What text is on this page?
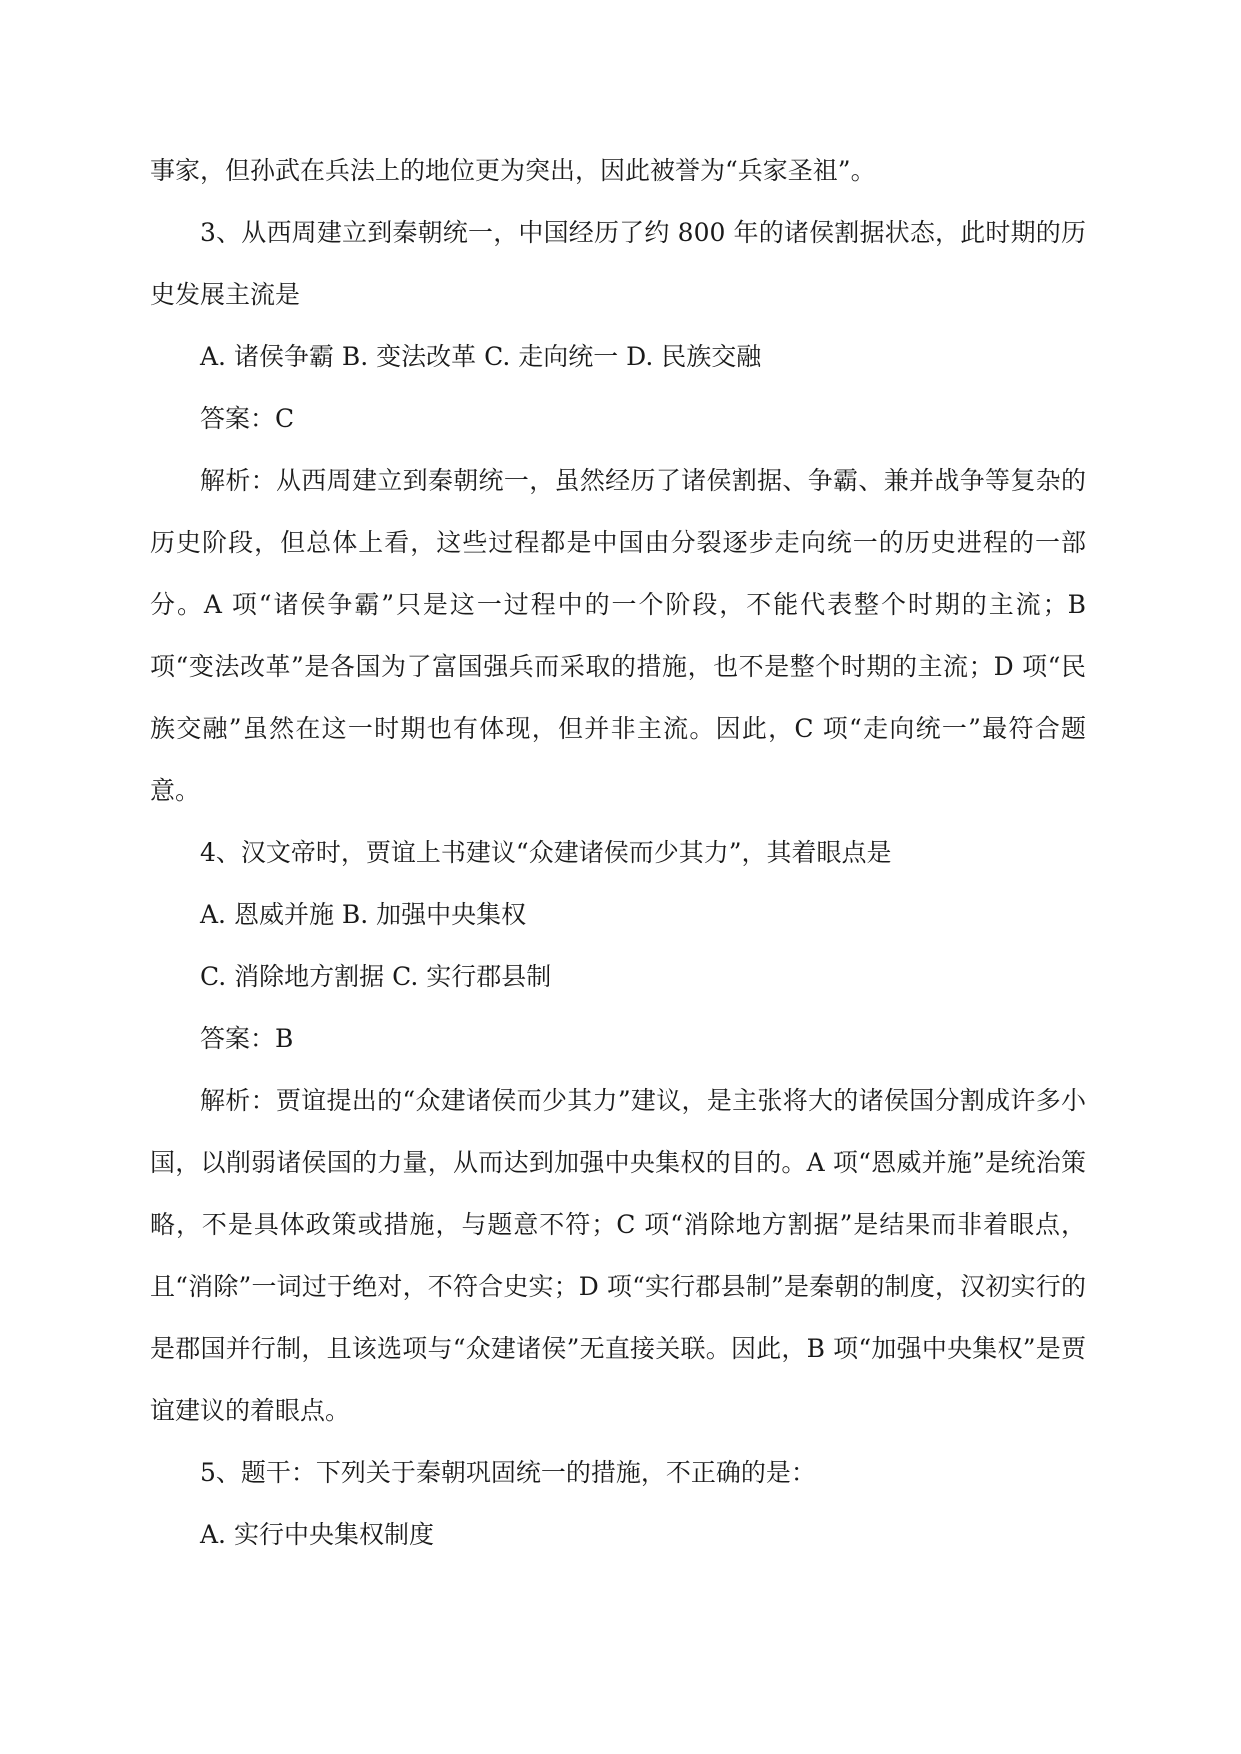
事家，但孙武在兵法上的地位更为突出，因此被誉为“兵家圣祖”。

3、从西周建立到秦朝统一，中国经历了约 800 年的诸侯割据状态，此时期的历史发展主流是

A. 诸侯争霸 B. 变法改革 C. 走向统一 D. 民族交融

答案：C

解析：从西周建立到秦朝统一，虽然经历了诸侯割据、争霸、兼并战争等复杂的历史阶段，但总体上看，这些过程都是中国由分裂逐步走向统一的历史进程的一部分。A 项“诸侯争霸”只是这一过程中的一个阶段，不能代表整个时期的主流；B 项“变法改革”是各国为了富国强兵而采取的措施，也不是整个时期的主流；D 项“民族交融”虽然在这一时期也有体现，但并非主流。因此，C 项“走向统一”最符合题意。

4、汉文帝时，贾谊上书建议“众建诸侯而少其力”，其着眼点是

A. 恩威并施 B. 加强中央集权

C. 消除地方割据 C. 实行郡县制

答案：B

解析：贾谊提出的“众建诸侯而少其力”建议，是主张将大的诸侯国分割成许多小国，以削弱诸侯国的力量，从而达到加强中央集权的目的。A 项“恩威并施”是统治策略，不是具体政策或措施，与题意不符；C 项“消除地方割据”是结果而非着眼点，且“消除”一词过于绝对，不符合史实；D 项“实行郡县制”是秦朝的制度，汉初实行的是郡国并行制，且该选项与“众建诸侯”无直接关联。因此，B 项“加强中央集权”是贾谊建议的着眼点。

5、题干：下列关于秦朝巩固统一的措施，不正确的是：

A. 实行中央集权制度
